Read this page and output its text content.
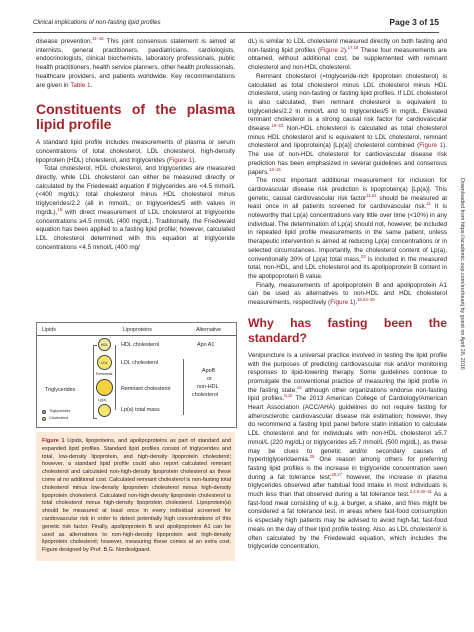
Clinical implications of non-fasting lipid profiles	Page 3 of 15
Downloaded from https://academic.oup.com/eurheartj by guest on April 28, 2016

disease prevention.$^{11-15}$ This joint consensus statement is aimed at internists, general practitioners, paediatricians, cardiologists, endocrinologists, clinical biochemists, laboratory professionals, public health practitioners, health service planners, other health professionals, healthcare providers, and patients worldwide. Key recommendations are given in Table 1.

Constituents of the plasma lipid profile

A standard lipid profile includes measurements of plasma or serum concentrations of total cholesterol, LDL cholesterol, high-density lipoprotein (HDL) cholesterol, and triglycerides (Figure 1).

Total cholesterol, HDL cholesterol, and triglycerides are measured directly, while LDL cholesterol can either be measured directly or calculated by the Friedewald equation if triglycerides are <4.5 mmol/L (<400 mg/dL): total cholesterol minus HDL cholesterol minus triglycerides/2.2 (all in mmol/L; or triglycerides/5 with values in mg/dL),$^{16}$ with direct measurement of LDL cholesterol at triglyceride concentrations ≥4.5 mmol/L (400 mg/dL). Traditionally, the Friedewald equation has been applied to a fasting lipid profile; however, calculated LDL cholesterol determined with this equation at triglyceride concentrations <4.5 mmol/L (400 mg/

Lipids	Lipoproteins	Alternative
HDL	HDL cholesterol	Apo A1
LDL	LDL cholesterol
Triglycerides
Remnants
Remnant cholesterol
ApoB
or
non-HDL
cholesterol
Lp(a)
Lp(a) total mass
Triglycerides
Cholesterol
Figure 1 Lipids, lipoproteins, and apolipoproteins as part of standard and expanded lipid profiles. Standard lipid profiles consist of triglycerides and total, low-density lipoprotein, and high-density lipoprotein cholesterol; however, a standard lipid profile could also report calculated remnant cholesterol and calculated non-high-density lipoprotein cholesterol as these come at no additional cost. Calculated remnant cholesterol is non-fasting total cholesterol minus low-density lipoprotein cholesterol minus high-density lipoprotein cholesterol. Calculated non-high-density lipoprotein cholesterol is total cholesterol minus high-density lipoprotein cholesterol. Lipoprotein(a) should be measured at least once in every individual screened for cardiovascular risk in order to detect potentially high concentrations of this genetic risk factor. Finally, apolipoprotein B and apolipoprotein A1 can be used as alternatives to non-high-density lipoprotein and high-density lipoprotein cholesterol; however, measuring these comes at an extra cost. Figure designed by Prof. B.G. Nordestgaard.

dL) is similar to LDL cholesterol measured directly on both fasting and non-fasting lipid profiles (Figure 2).$^{17,18}$ These four measurements are obtained, without additional cost, be supplemented with remnant cholesterol and non-HDL cholesterol.

Remnant cholesterol (=triglyceride-rich lipoprotein cholesterol) is calculated as total cholesterol minus LDL cholesterol minus HDL cholesterol, using non-fasting or fasting lipid profiles. If LDL cholesterol is also calculated, then remnant cholesterol is equivalent to triglycerides/2.2 in mmol/L and to triglycerides/5 in mg/dL. Elevated remnant cholesterol is a strong causal risk factor for cardiovascular disease.$^{19-23}$ Non-HDL cholesterol is calculated as total cholesterol minus HDL cholesterol and is equivalent to LDL cholesterol, remnant cholesterol and lipoprotein(a) [Lp(a)] cholesterol combined (Figure 1). The use of non-HDL cholesterol for cardiovascular disease risk prediction has been emphasized in several guidelines and consensus papers.$^{13-15}$

The most important additional measurement for inclusion for cardiovascular disease risk prediction is lipoprotein(a) [Lp(a)]. This genetic, causal cardiovascular risk factor$^{11,22}$ should be measured at least once in all patients screened for cardiovascular risk.$^{11}$ It is noteworthy that Lp(a) concentrations vary little over time (<10%) in any individual. The determination of Lp(a) should not, however, be included in repeated lipid profile measurements in the same patient, unless therapeutic intervention is aimed at reducing Lp(a) concentrations or in selected circumstances. Importantly, the cholesterol content of Lp(a), conventionally 30% of Lp(a) total mass,$^{23}$ is included in the measured total, non-HDL, and LDL cholesterol and its apolipoprotein B content in the apolipoprotein B value.

Finally, measurements of apolipoprotein B and apolipoprotein A1 can be used as alternatives to non-HDL and HDL cholesterol measurements, respectively (Figure 1).$^{15,24-26}$

Why has fasting been the standard?

Venipuncture is a universal practice involved in testing the lipid profile with the purposes of predicting cardiovascular risk and/or monitoring responses to lipid-lowering therapy. Some guidelines continue to promulgate the conventional practice of measuring the lipid profile in the fasting state,$^{15}$ although other organizations endorse non-fasting lipid profiles.$^{8,10}$ The 2013 American College of Cardiology/American Heart Association (ACC/AHA) guidelines do not require fasting for atherosclerotic cardiovascular disease risk estimation; however, they do recommend a fasting lipid panel before statin initiation to calculate LDL cholesterol and for individuals with non-HDL cholesterol ≥5.7 mmol/L (220 mg/dL) or triglycerides ≥5.7 mmol/L (500 mg/dL), as these may be clues to genetic and/or secondary causes of hypertriglyceridaemia.$^{25}$ One reason among others for preferring fasting lipid profiles is the increase in triglyceride concentration seen during a fat tolerance test;$^{26,27}$ however, the increase in plasma triglycerides observed after habitual food intake in most individuals is much less than that observed during a fat tolerance test.$^{3,4,9,28-31}$ As a fast-food meal consisting of e.g. a burger, a shake, and fries might be considered a fat tolerance test, in areas where fast-food consumption is especially high patients may be advised to avoid high-fat, fast-food meals on the day of their lipid profile testing. Also, as LDL cholesterol is often calculated by the Friedewald equation, which includes the triglyceride concentration,
